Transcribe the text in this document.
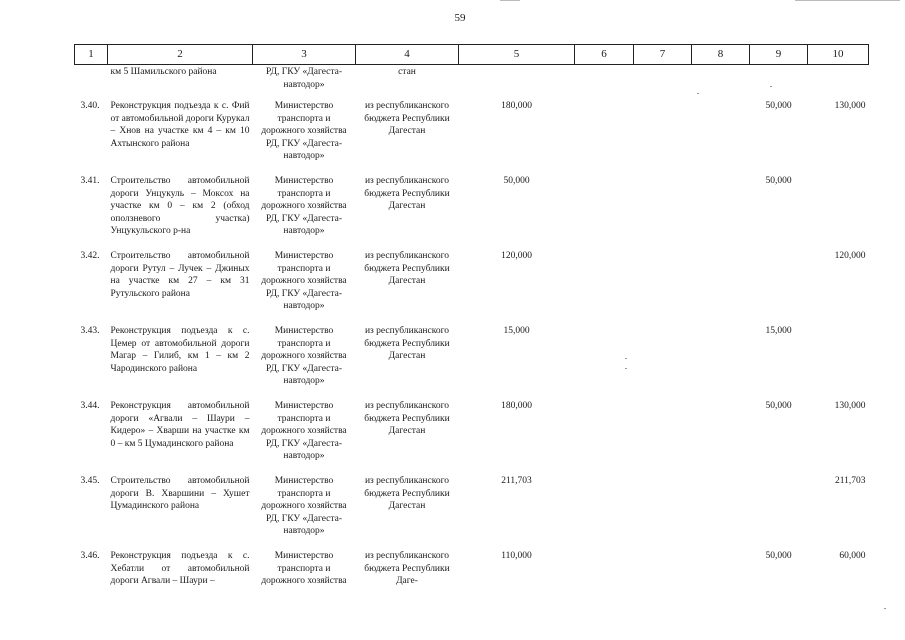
59
1	2	3	4	5	6	7	8	9	10
	км 5 Шамильского района	РД, ГКУ «Дагеста-навтодор»	стан						
3.40.	Реконструкция подъезда к с. Фий от автомобильной дороги Курукал – Хнов на участке км 4 – км 10 Ахтынского района	Министерство транспорта и дорожного хозяйства РД, ГКУ «Дагеста-навтодор»	из республиканского бюджета Республики Дагестан	180,000				50,000	130,000
3.41.	Строительство автомобильной дороги Унцукуль – Моксох на участке км 0 – км 2 (обход оползневого участка) Унцукульского р-на	Министерство транспорта и дорожного хозяйства РД, ГКУ «Дагеста-навтодор»	из республиканского бюджета Республики Дагестан	50,000				50,000	
3.42.	Строительство автомобильной дороги Рутул – Лучек – Джиных на участке км 27 – км 31 Рутульского района	Министерство транспорта и дорожного хозяйства РД, ГКУ «Дагеста-навтодор»	из республиканского бюджета Республики Дагестан	120,000					120,000
3.43.	Реконструкция подъезда к с. Цемер от автомобильной дороги Магар – Гилиб, км 1 – км 2 Чародинского района	Министерство транспорта и дорожного хозяйства РД, ГКУ «Дагеста-навтодор»	из республиканского бюджета Республики Дагестан	15,000				15,000	
3.44.	Реконструкция автомобильной дороги «Агвали – Шаури – Кидеро» – Хварши на участке км 0 – км 5 Цумадинского района	Министерство транспорта и дорожного хозяйства РД, ГКУ «Дагеста-навтодор»	из республиканского бюджета Республики Дагестан	180,000				50,000	130,000
3.45.	Строительство автомобильной дороги В. Хваршини – Хушет Цумадинского района	Министерство транспорта и дорожного хозяйства РД, ГКУ «Дагеста-навтодор»	из республиканского бюджета Республики Дагестан	211,703					211,703
3.46.	Реконструкция подъезда к с. Хебатли от автомобильной дороги Агвали – Шаури –	Министерство транспорта и дорожного хозяйства	из республиканского бюджета Республики Даге-	110,000				50,000	60,000
